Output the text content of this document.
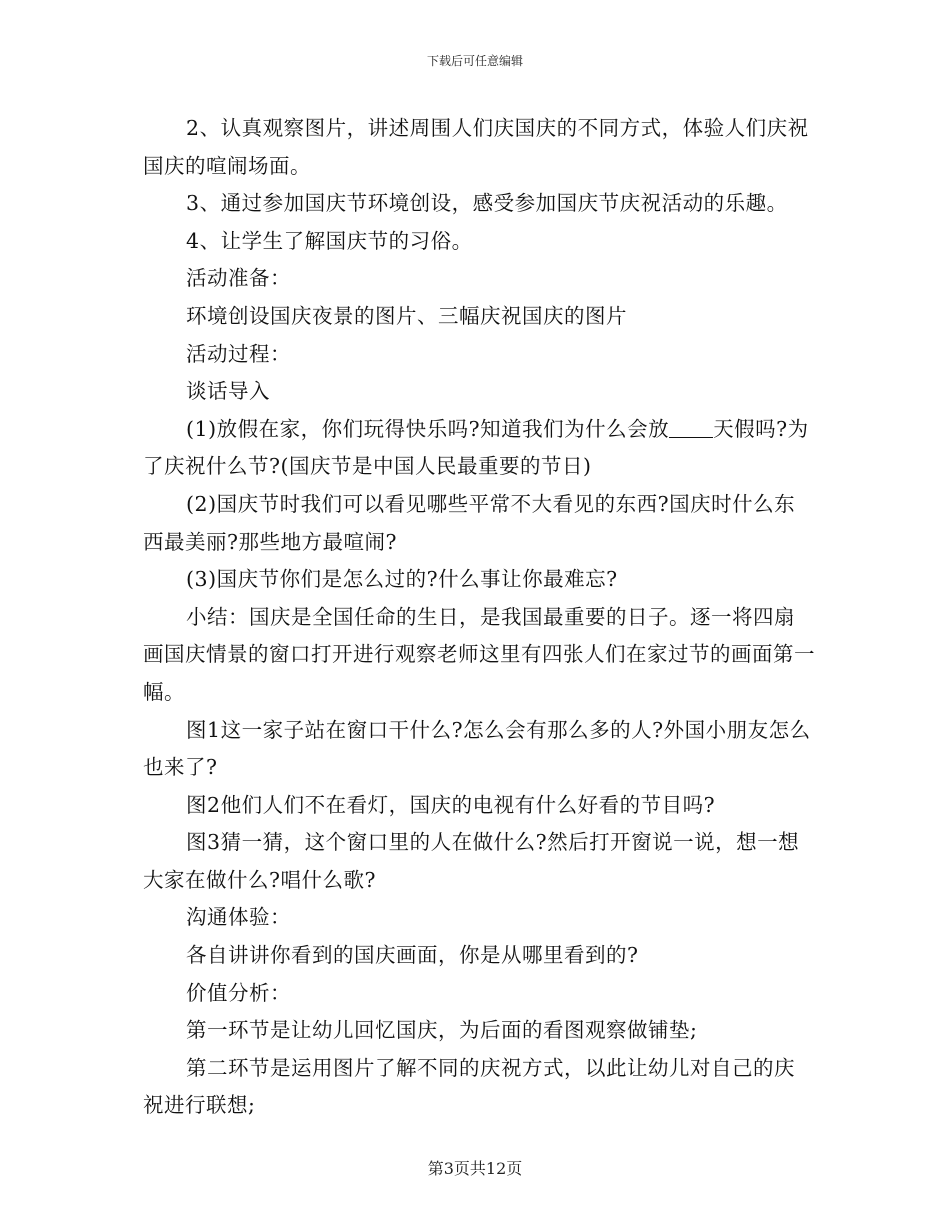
下载后可任意编辑

2、认真观察图片，讲述周围人们庆国庆的不同方式，体验人们庆祝国庆的喧闹场面。

3、通过参加国庆节环境创设，感受参加国庆节庆祝活动的乐趣。

4、让学生了解国庆节的习俗。

活动准备：

环境创设国庆夜景的图片、三幅庆祝国庆的图片

活动过程：

谈话导入

(1)放假在家，你们玩得快乐吗?知道我们为什么会放 天假吗?为了庆祝什么节?(国庆节是中国人民最重要的节日)

(2)国庆节时我们可以看见哪些平常不大看见的东西?国庆时什么东西最美丽?那些地方最喧闹?

(3)国庆节你们是怎么过的?什么事让你最难忘?

小结：国庆是全国任命的生日，是我国最重要的日子。逐一将四扇画国庆情景的窗口打开进行观察老师这里有四张人们在家过节的画面第一幅。

图1这一家子站在窗口干什么?怎么会有那么多的人?外国小朋友怎么也来了?

图2他们人们不在看灯，国庆的电视有什么好看的节目吗?

图3猜一猜，这个窗口里的人在做什么?然后打开窗说一说，想一想大家在做什么?唱什么歌?

沟通体验：

各自讲讲你看到的国庆画面，你是从哪里看到的?

价值分析：

第一环节是让幼儿回忆国庆，为后面的看图观察做铺垫;

第二环节是运用图片了解不同的庆祝方式，以此让幼儿对自己的庆祝进行联想;

第3页共12页
